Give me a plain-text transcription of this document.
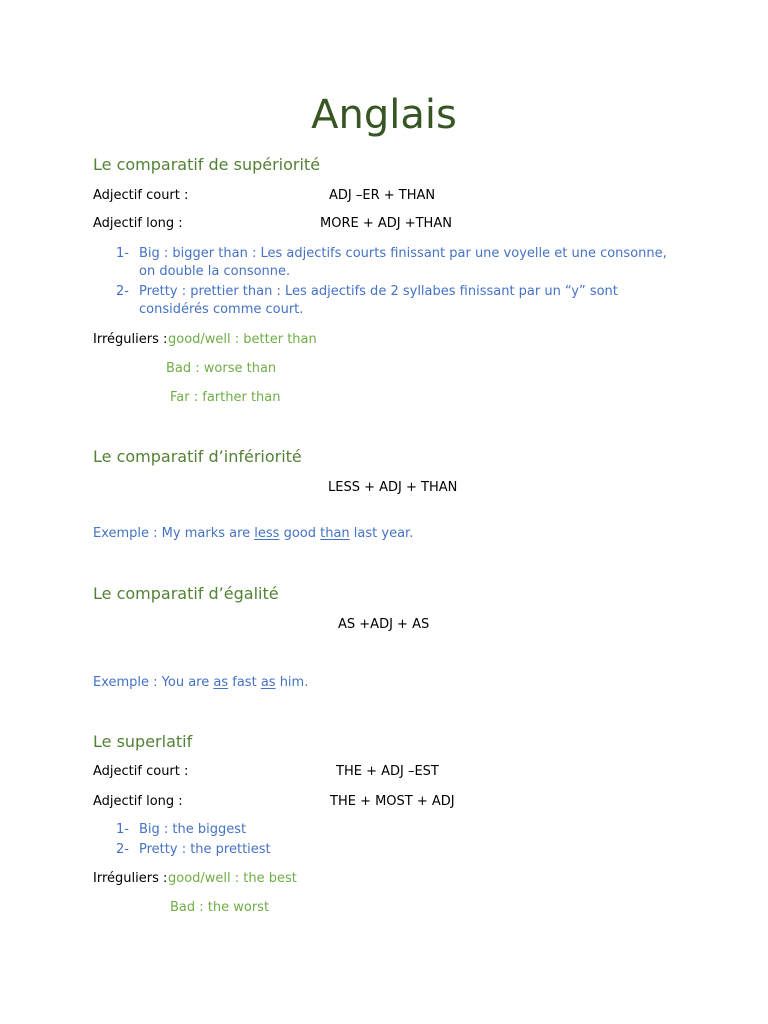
Anglais
Le comparatif de supériorité
Adjectif court :	ADJ –ER + THAN
Adjectif long :	MORE + ADJ +THAN
1- Big : bigger than : Les adjectifs courts finissant par une voyelle et une consonne, on double la consonne.
2- Pretty : prettier than : Les adjectifs de 2 syllabes finissant par un “y” sont considérés comme court.
Irréguliers : good/well : better than
Bad : worse than
Far : farther than
Le comparatif d’infériorité
LESS + ADJ + THAN
Exemple : My marks are less good than last year.
Le comparatif d’égalité
AS +ADJ + AS
Exemple : You are as fast as him.
Le superlatif
Adjectif court :	THE + ADJ –EST
Adjectif long :	THE + MOST + ADJ
1- Big : the biggest
2- Pretty : the prettiest
Irréguliers : good/well : the best
Bad : the worst
